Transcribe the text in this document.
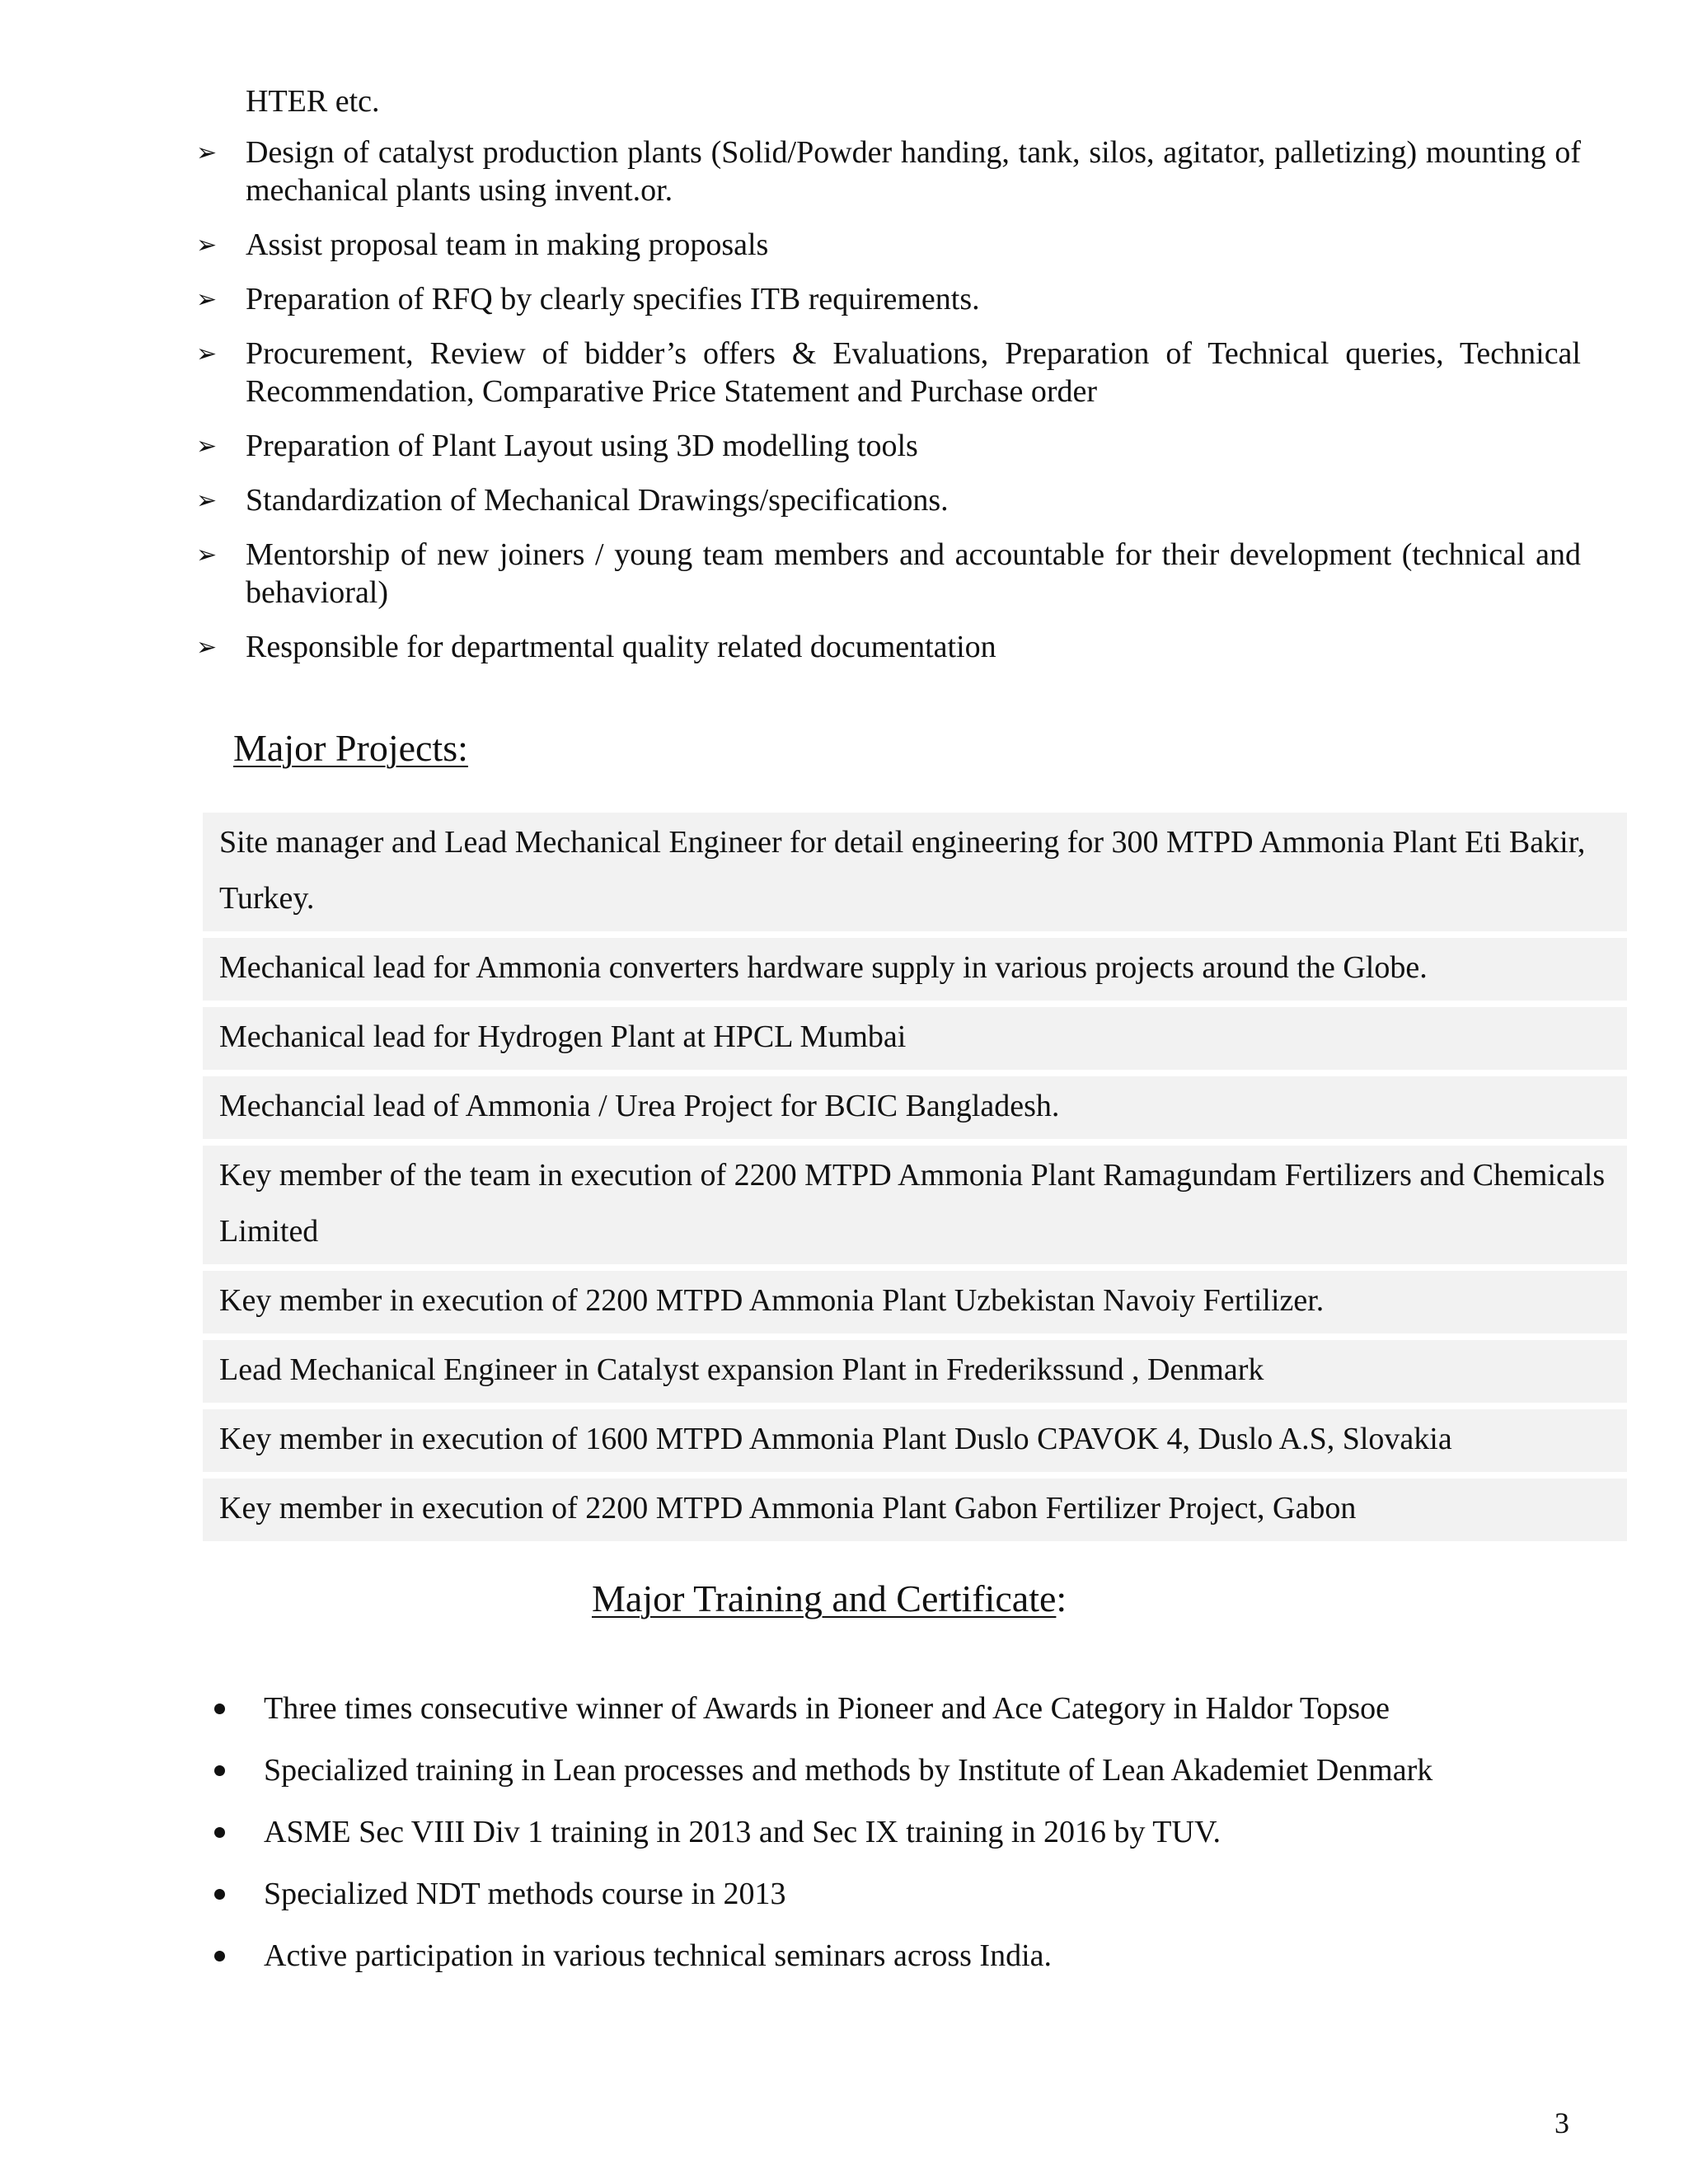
HTER etc.
➢ Design of catalyst production plants (Solid/Powder handing, tank, silos, agitator, palletizing) mounting of mechanical plants using invent.or.
➢ Assist proposal team in making proposals
➢ Preparation of RFQ by clearly specifies ITB requirements.
➢ Procurement, Review of bidder’s offers & Evaluations, Preparation of Technical queries, Technical Recommendation, Comparative Price Statement and Purchase order
➢ Preparation of Plant Layout using 3D modelling tools
➢ Standardization of Mechanical Drawings/specifications.
➢ Mentorship of new joiners / young team members and accountable for their development (technical and behavioral)
➢ Responsible for departmental quality related documentation
Major Projects:
Site manager and Lead Mechanical Engineer for detail engineering for 300 MTPD Ammonia Plant Eti Bakir, Turkey.
Mechanical lead for Ammonia converters hardware supply in various projects around the Globe.
Mechanical lead for Hydrogen Plant at HPCL Mumbai
Mechancial lead of Ammonia / Urea Project for BCIC Bangladesh.
Key member of the team in execution of 2200 MTPD Ammonia Plant Ramagundam Fertilizers and Chemicals Limited
Key member in execution of 2200 MTPD Ammonia Plant Uzbekistan Navoiy Fertilizer.
Lead Mechanical Engineer in Catalyst expansion Plant in Frederikssund , Denmark
Key member in execution of 1600 MTPD Ammonia Plant Duslo CPAVOK 4, Duslo A.S, Slovakia
Key member in execution of 2200 MTPD Ammonia Plant Gabon Fertilizer Project, Gabon
Major Training and Certificate:
Three times consecutive winner of Awards in Pioneer and Ace Category in Haldor Topsoe
Specialized training in Lean processes and methods by Institute of Lean Akademiet Denmark
ASME Sec VIII Div 1 training in 2013 and Sec IX training in 2016 by TUV.
Specialized NDT methods course in 2013
Active participation in various technical seminars across India.
3
